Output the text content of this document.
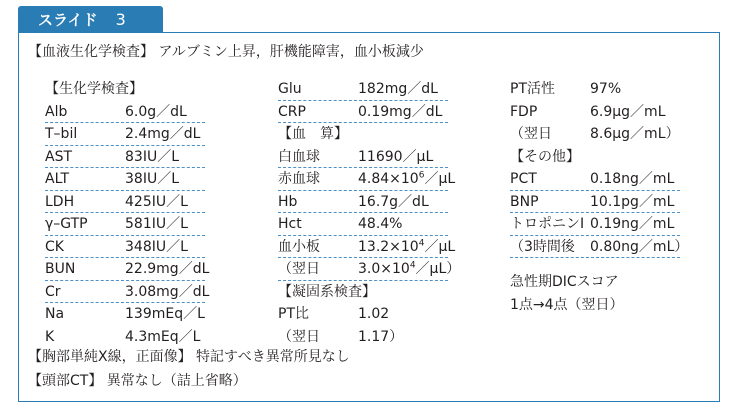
スライド 3
【血液生化学検査】 アルブミン上昇，肝機能障害，血小板減少
【生化学検査】
Alb	6.0g／dL
T–bil	2.4mg／dL
AST	83IU／L
ALT	38IU／L
LDH	425IU／L
γ–GTP	581IU／L
CK	348IU／L
BUN	22.9mg／dL
Cr	3.08mg／dL
Na	139mEq／L
K	4.3mEq／L
Glu	182mg／dL
CRP	0.19mg／dL
【血　算】
白血球	11690／μL
赤血球	$4.84\times 10^6/\mu L$
Hb	16.7g／dL
Hct	48.4%
血小板	$13.2\times 10^4/\mu L$
（翌日	$3.0\times 10^4/\mu L$）
【凝固系検査】
PT比	1.02
（翌日	1.17）
PT活性	97%
FDP	6.9μg／mL
（翌日	8.6μg／mL）
【その他】
PCT	0.18ng／mL
BNP	10.1pg／mL
トロポニンI 0.19ng／mL
（3時間後 0.80ng／mL）
急性期DICスコア
1点→4点（翌日）
【胸部単純X線，正面像】 特記すべき異常所見なし
【頭部CT】 異常なし（詰上省略）
